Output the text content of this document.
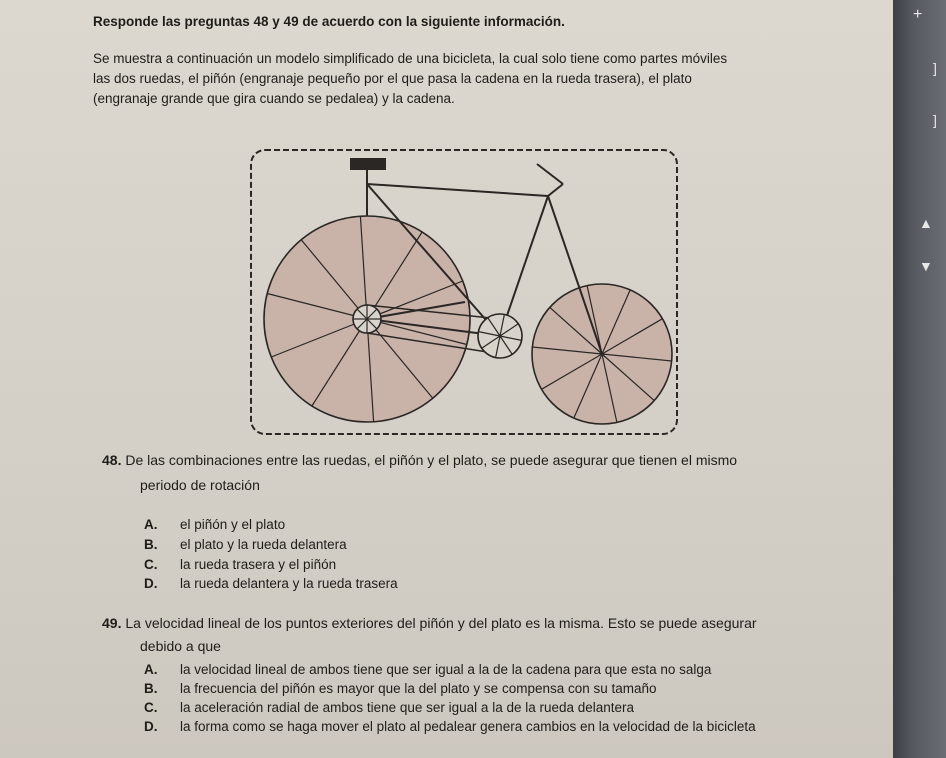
+
]
]
▲
▼
Responde las preguntas 48 y 49 de acuerdo con la siguiente información.
Se muestra a continuación un modelo simplificado de una bicicleta, la cual solo tiene como partes móviles
las dos ruedas, el piñón (engranaje pequeño por el que pasa la cadena en la rueda trasera), el plato
(engranaje grande que gira cuando se pedalea) y la cadena.
48. De las combinaciones entre las ruedas, el piñón y el plato, se puede asegurar que tienen el mismo
periodo de rotación
A. el piñón y el plato
B. el plato y la rueda delantera
C. la rueda trasera y el piñón
D. la rueda delantera y la rueda trasera
49. La velocidad lineal de los puntos exteriores del piñón y del plato es la misma. Esto se puede asegurar
debido a que
A. la velocidad lineal de ambos tiene que ser igual a la de la cadena para que esta no salga
B. la frecuencia del piñón es mayor que la del plato y se compensa con su tamaño
C. la aceleración radial de ambos tiene que ser igual a la de la rueda delantera
D. la forma como se haga mover el plato al pedalear genera cambios en la velocidad de la bicicleta
